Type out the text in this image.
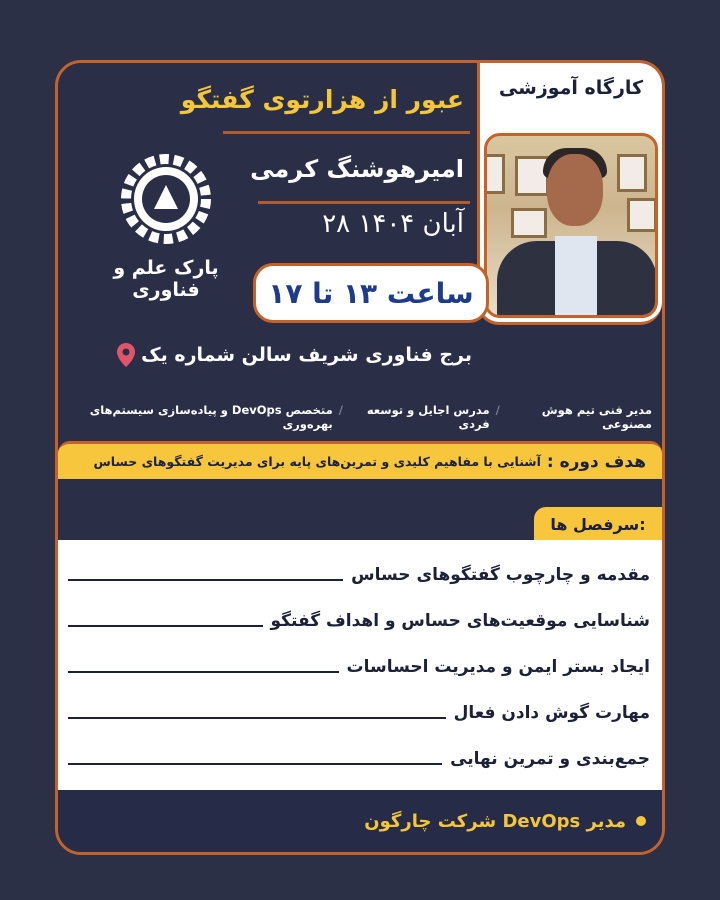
کارگاه آموزشی
عبور از هزارتوی گفتگو
امیرهوشنگ کرمی
۲۸ آبان ۱۴۰۴
ساعت ۱۳ تا ۱۷
پارک علم و فناوری
برج فناوری شریف سالن شماره یک
مدیر فنی تیم هوش مصنوعی
/
مدرس اجایل و توسعه فردی
/
متخصص DevOps و پیاده‌سازی سیستم‌های بهره‌وری
هدف دوره :
آشنایی با مفاهیم کلیدی و تمرین‌های پایه برای مدیریت گفتگوهای حساس
سرفصل ها:
مقدمه و چارچوب گفتگوهای حساس
شناسایی موقعیت‌های حساس و اهداف گفتگو
ایجاد بستر ایمن و مدیریت احساسات
مهارت گوش دادن فعال
جمع‌بندی و تمرین نهایی
مدیر DevOps شرکت چارگون
